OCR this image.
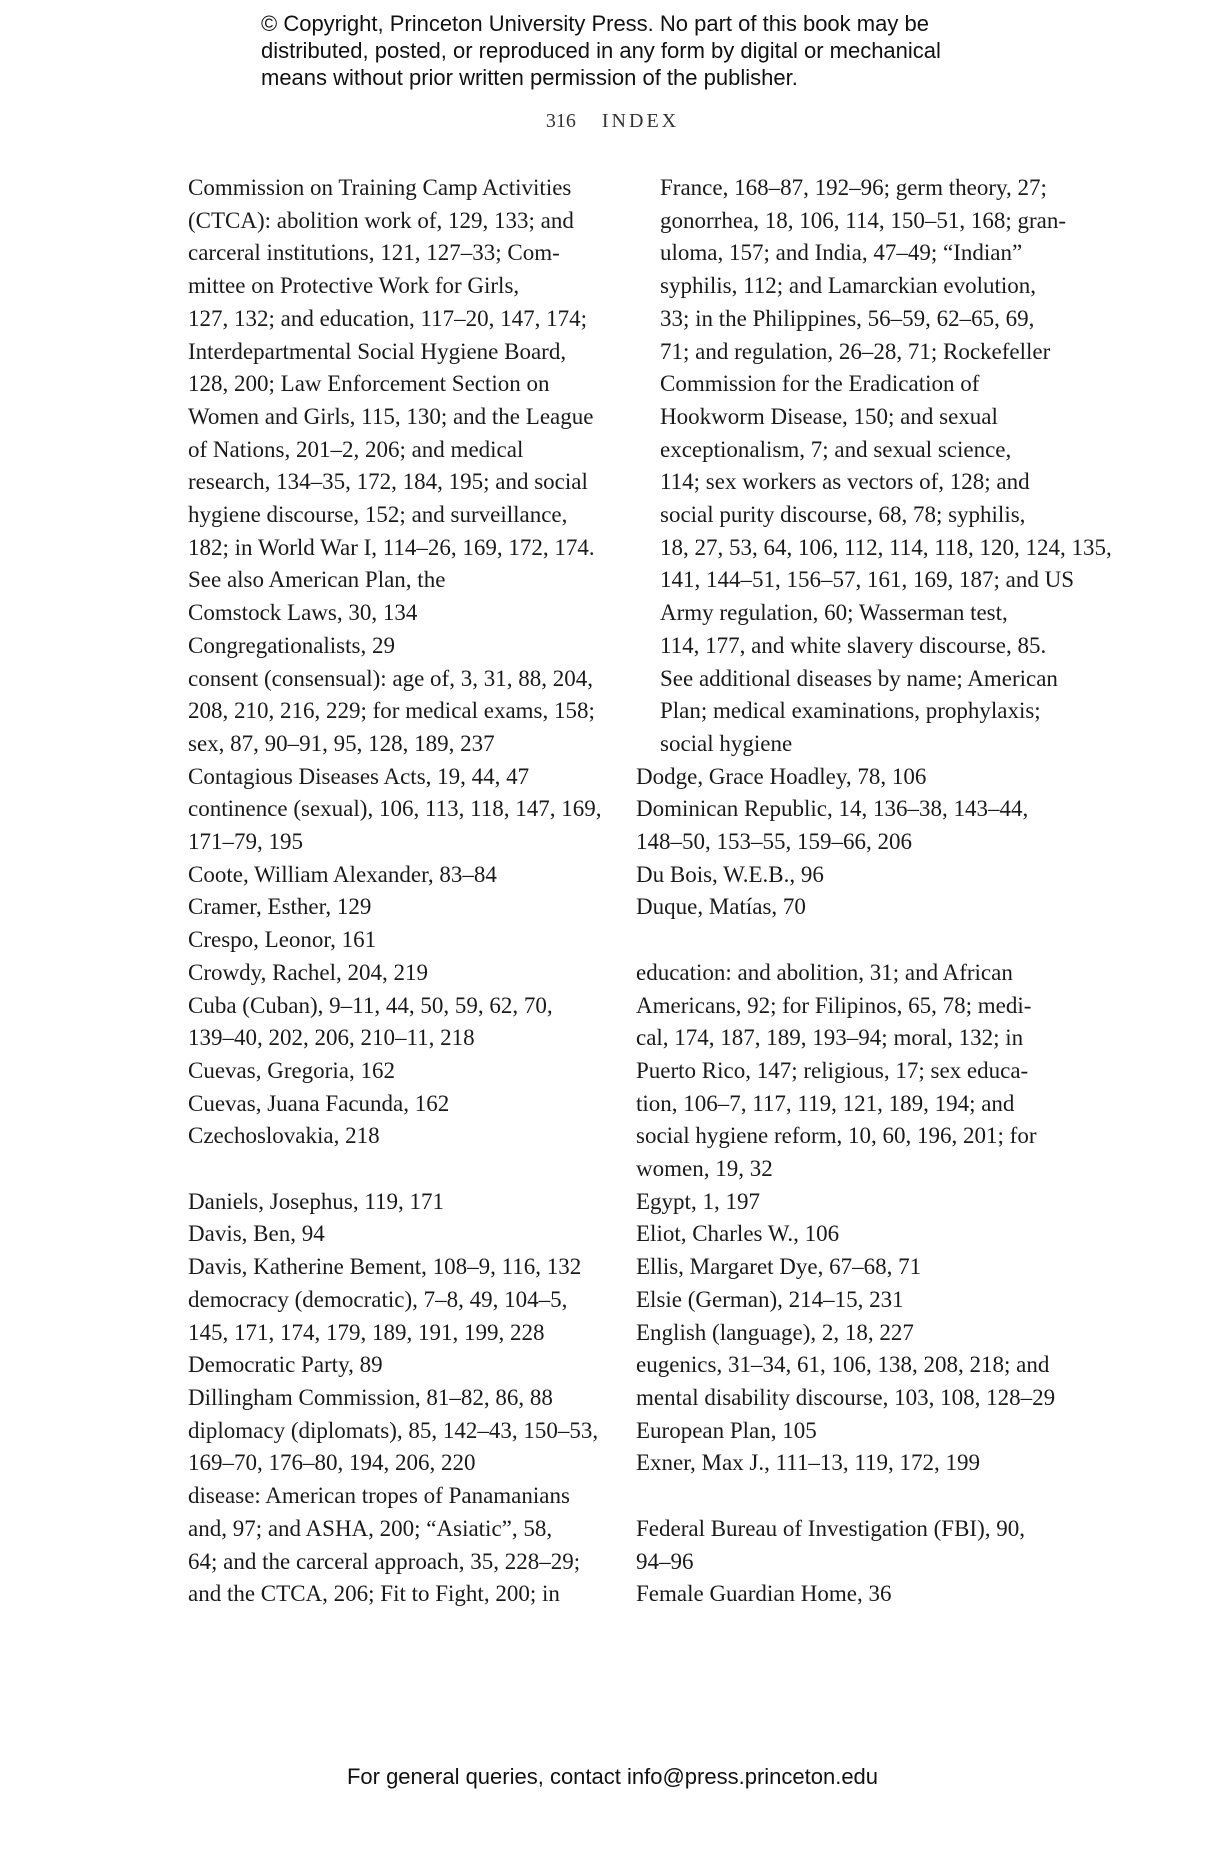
© Copyright, Princeton University Press. No part of this book may be
distributed, posted, or reproduced in any form by digital or mechanical
means without prior written permission of the publisher.
316 INDEX
Commission on Training Camp Activities
(CTCA): abolition work of, 129, 133; and
carceral institutions, 121, 127–33; Com-
mittee on Protective Work for Girls,
127, 132; and education, 117–20, 147, 174;
Interdepartmental Social Hygiene Board,
128, 200; Law Enforcement Section on
Women and Girls, 115, 130; and the League
of Nations, 201–2, 206; and medical
research, 134–35, 172, 184, 195; and social
hygiene discourse, 152; and surveillance,
182; in World War I, 114–26, 169, 172, 174.
See also American Plan, the
Comstock Laws, 30, 134
Congregationalists, 29
consent (consensual): age of, 3, 31, 88, 204,
208, 210, 216, 229; for medical exams, 158;
sex, 87, 90–91, 95, 128, 189, 237
Contagious Diseases Acts, 19, 44, 47
continence (sexual), 106, 113, 118, 147, 169,
171–79, 195
Coote, William Alexander, 83–84
Cramer, Esther, 129
Crespo, Leonor, 161
Crowdy, Rachel, 204, 219
Cuba (Cuban), 9–11, 44, 50, 59, 62, 70,
139–40, 202, 206, 210–11, 218
Cuevas, Gregoria, 162
Cuevas, Juana Facunda, 162
Czechoslovakia, 218
Daniels, Josephus, 119, 171
Davis, Ben, 94
Davis, Katherine Bement, 108–9, 116, 132
democracy (democratic), 7–8, 49, 104–5,
145, 171, 174, 179, 189, 191, 199, 228
Democratic Party, 89
Dillingham Commission, 81–82, 86, 88
diplomacy (diplomats), 85, 142–43, 150–53,
169–70, 176–80, 194, 206, 220
disease: American tropes of Panamanians
and, 97; and ASHA, 200; “Asiatic”, 58,
64; and the carceral approach, 35, 228–29;
and the CTCA, 206; Fit to Fight, 200; in
France, 168–87, 192–96; germ theory, 27;
gonorrhea, 18, 106, 114, 150–51, 168; gran-
uloma, 157; and India, 47–49; “Indian”
syphilis, 112; and Lamarckian evolution,
33; in the Philippines, 56–59, 62–65, 69,
71; and regulation, 26–28, 71; Rockefeller
Commission for the Eradication of
Hookworm Disease, 150; and sexual
exceptionalism, 7; and sexual science,
114; sex workers as vectors of, 128; and
social purity discourse, 68, 78; syphilis,
18, 27, 53, 64, 106, 112, 114, 118, 120, 124, 135,
141, 144–51, 156–57, 161, 169, 187; and US
Army regulation, 60; Wasserman test,
114, 177, and white slavery discourse, 85.
See additional diseases by name; American
Plan; medical examinations, prophylaxis;
social hygiene
Dodge, Grace Hoadley, 78, 106
Dominican Republic, 14, 136–38, 143–44,
148–50, 153–55, 159–66, 206
Du Bois, W.E.B., 96
Duque, Matías, 70
education: and abolition, 31; and African
Americans, 92; for Filipinos, 65, 78; medi-
cal, 174, 187, 189, 193–94; moral, 132; in
Puerto Rico, 147; religious, 17; sex educa-
tion, 106–7, 117, 119, 121, 189, 194; and
social hygiene reform, 10, 60, 196, 201; for
women, 19, 32
Egypt, 1, 197
Eliot, Charles W., 106
Ellis, Margaret Dye, 67–68, 71
Elsie (German), 214–15, 231
English (language), 2, 18, 227
eugenics, 31–34, 61, 106, 138, 208, 218; and
mental disability discourse, 103, 108, 128–29
European Plan, 105
Exner, Max J., 111–13, 119, 172, 199
Federal Bureau of Investigation (FBI), 90,
94–96
Female Guardian Home, 36
For general queries, contact info@press.princeton.edu
